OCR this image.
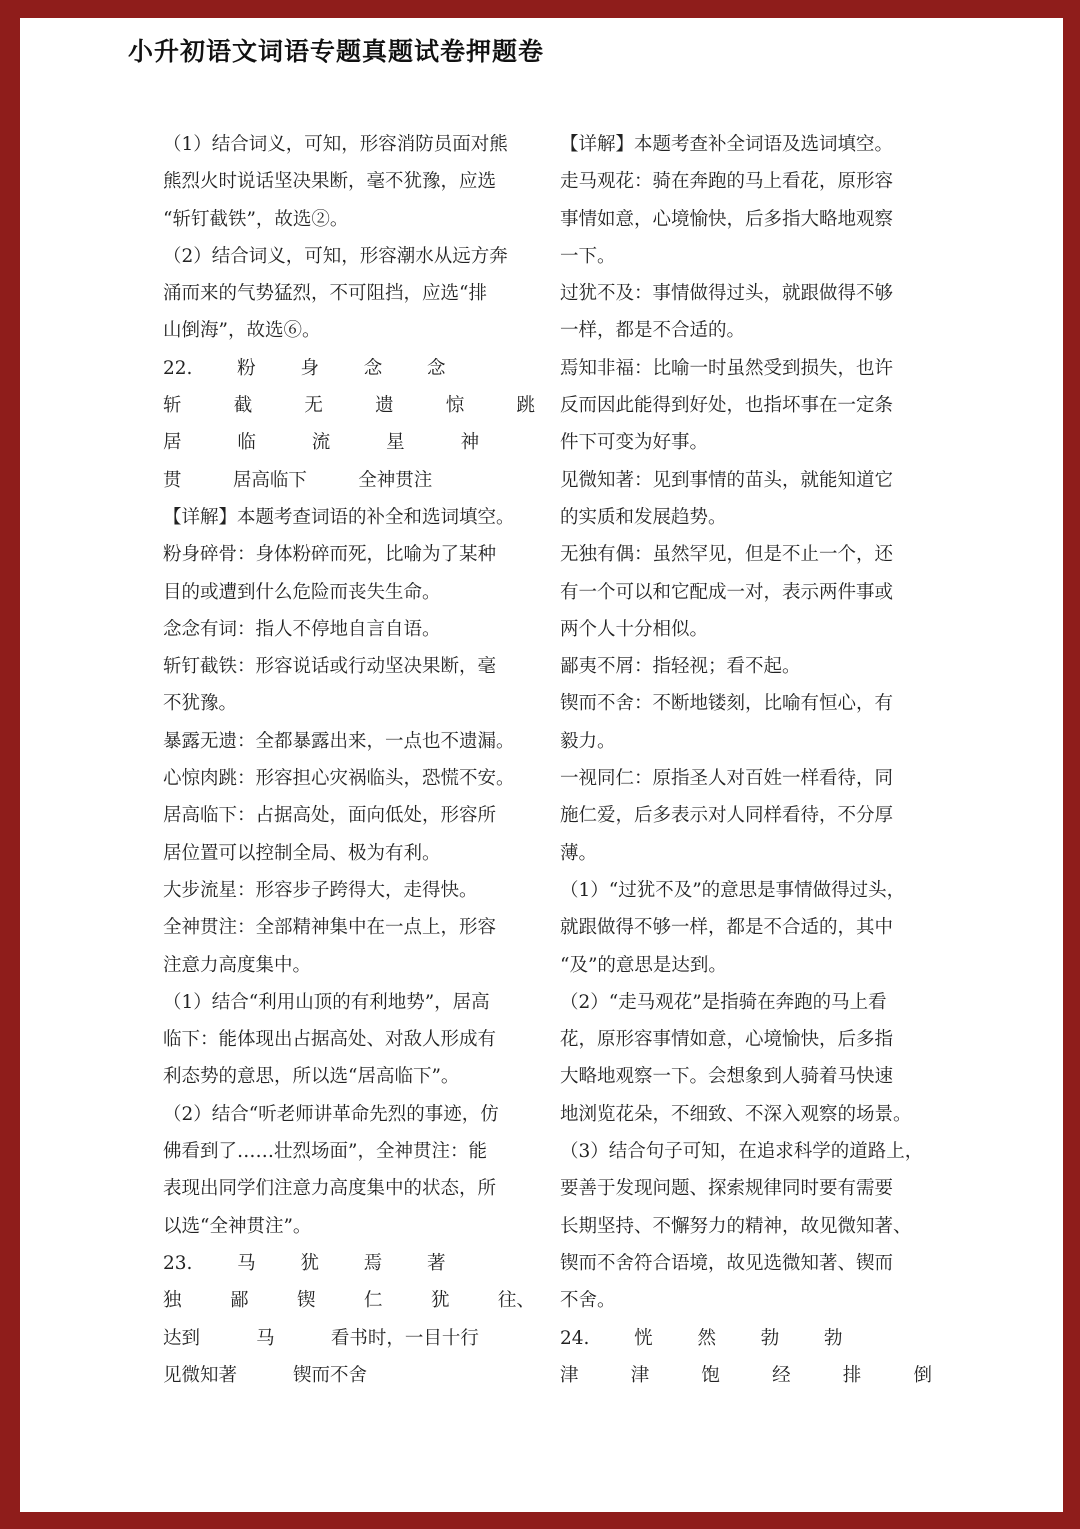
小升初语文词语专题真题试卷押题卷
（1）结合词义，可知，形容消防员面对熊
熊烈火时说话坚决果断，毫不犹豫，应选
“斩钉截铁”，故选②。
（2）结合词义，可知，形容潮水从远方奔
涌而来的气势猛烈，不可阻挡，应选“排
山倒海”，故选⑥。
22. 粉 身 念 念
斩	截	无	遗	惊	跳
居	临	流	星	神
贯	居高临下	全神贯注
【详解】本题考查词语的补全和选词填空。
粉身碎骨：身体粉碎而死，比喻为了某种
目的或遭到什么危险而丧失生命。
念念有词：指人不停地自言自语。
斩钉截铁：形容说话或行动坚决果断，毫
不犹豫。
暴露无遗：全都暴露出来，一点也不遗漏。
心惊肉跳：形容担心灾祸临头，恐慌不安。
居高临下：占据高处，面向低处，形容所
居位置可以控制全局、极为有利。
大步流星：形容步子跨得大，走得快。
全神贯注：全部精神集中在一点上，形容
注意力高度集中。
（1）结合“利用山顶的有利地势”，居高
临下：能体现出占据高处、对敌人形成有
利态势的意思，所以选“居高临下”。
（2）结合“听老师讲革命先烈的事迹，仿
佛看到了……壮烈场面”，全神贯注：能
表现出同学们注意力高度集中的状态，所
以选“全神贯注”。
23. 马 犹 焉 著
独	鄙	锲	仁	犹	往、
达到	马	看书时，一目十行
见微知著	锲而不舍
【详解】本题考查补全词语及选词填空。
走马观花：骑在奔跑的马上看花，原形容
事情如意，心境愉快，后多指大略地观察
一下。
过犹不及：事情做得过头，就跟做得不够
一样，都是不合适的。
焉知非福：比喻一时虽然受到损失，也许
反而因此能得到好处，也指坏事在一定条
件下可变为好事。
见微知著：见到事情的苗头，就能知道它
的实质和发展趋势。
无独有偶：虽然罕见，但是不止一个，还
有一个可以和它配成一对，表示两件事或
两个人十分相似。
鄙夷不屑：指轻视；看不起。
锲而不舍：不断地镂刻，比喻有恒心，有
毅力。
一视同仁：原指圣人对百姓一样看待，同
施仁爱，后多表示对人同样看待，不分厚
薄。
（1）“过犹不及”的意思是事情做得过头，
就跟做得不够一样，都是不合适的，其中
“及”的意思是达到。
（2）“走马观花”是指骑在奔跑的马上看
花，原形容事情如意，心境愉快，后多指
大略地观察一下。会想象到人骑着马快速
地浏览花朵，不细致、不深入观察的场景。
（3）结合句子可知，在追求科学的道路上，
要善于发现问题、探索规律同时要有需要
长期坚持、不懈努力的精神，故见微知著、
锲而不舍符合语境，故见选微知著、锲而
不舍。
24. 恍 然 勃 勃
津	津	饱	经	排	倒
